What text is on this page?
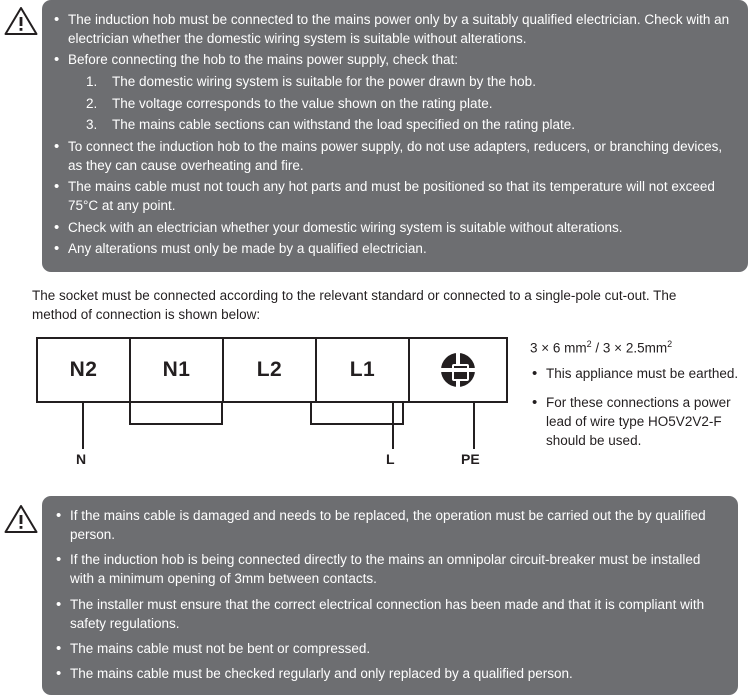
• The induction hob must be connected to the mains power only by a suitably qualified electrician. Check with an electrician whether the domestic wiring system is suitable without alterations.
• Before connecting the hob to the mains power supply, check that:
The domestic wiring system is suitable for the power drawn by the hob.
The voltage corresponds to the value shown on the rating plate.
The mains cable sections can withstand the load specified on the rating plate.
• To connect the induction hob to the mains power supply, do not use adapters, reducers, or branching devices, as they can cause overheating and fire.
• The mains cable must not touch any hot parts and must be positioned so that its temperature will not exceed 75°C at any point.
• Check with an electrician whether your domestic wiring system is suitable without alterations.
• Any alterations must only be made by a qualified electrician.
The socket must be connected according to the relevant standard or connected to a single-pole cut-out. The method of connection is shown below:
N2	N1	L2	L1
N	L	PE
3 × 6 $mm^2 / 3 \times 2.5mm^2$
• This appliance must be earthed.
• For these connections a power lead of wire type HO5V2V2-F should be used.
• If the mains cable is damaged and needs to be replaced, the operation must be carried out the by qualified person.
• If the induction hob is being connected directly to the mains an omnipolar circuit-breaker must be installed with a minimum opening of 3mm between contacts.
• The installer must ensure that the correct electrical connection has been made and that it is compliant with safety regulations.
• The mains cable must not be bent or compressed.
• The mains cable must be checked regularly and only replaced by a qualified person.
